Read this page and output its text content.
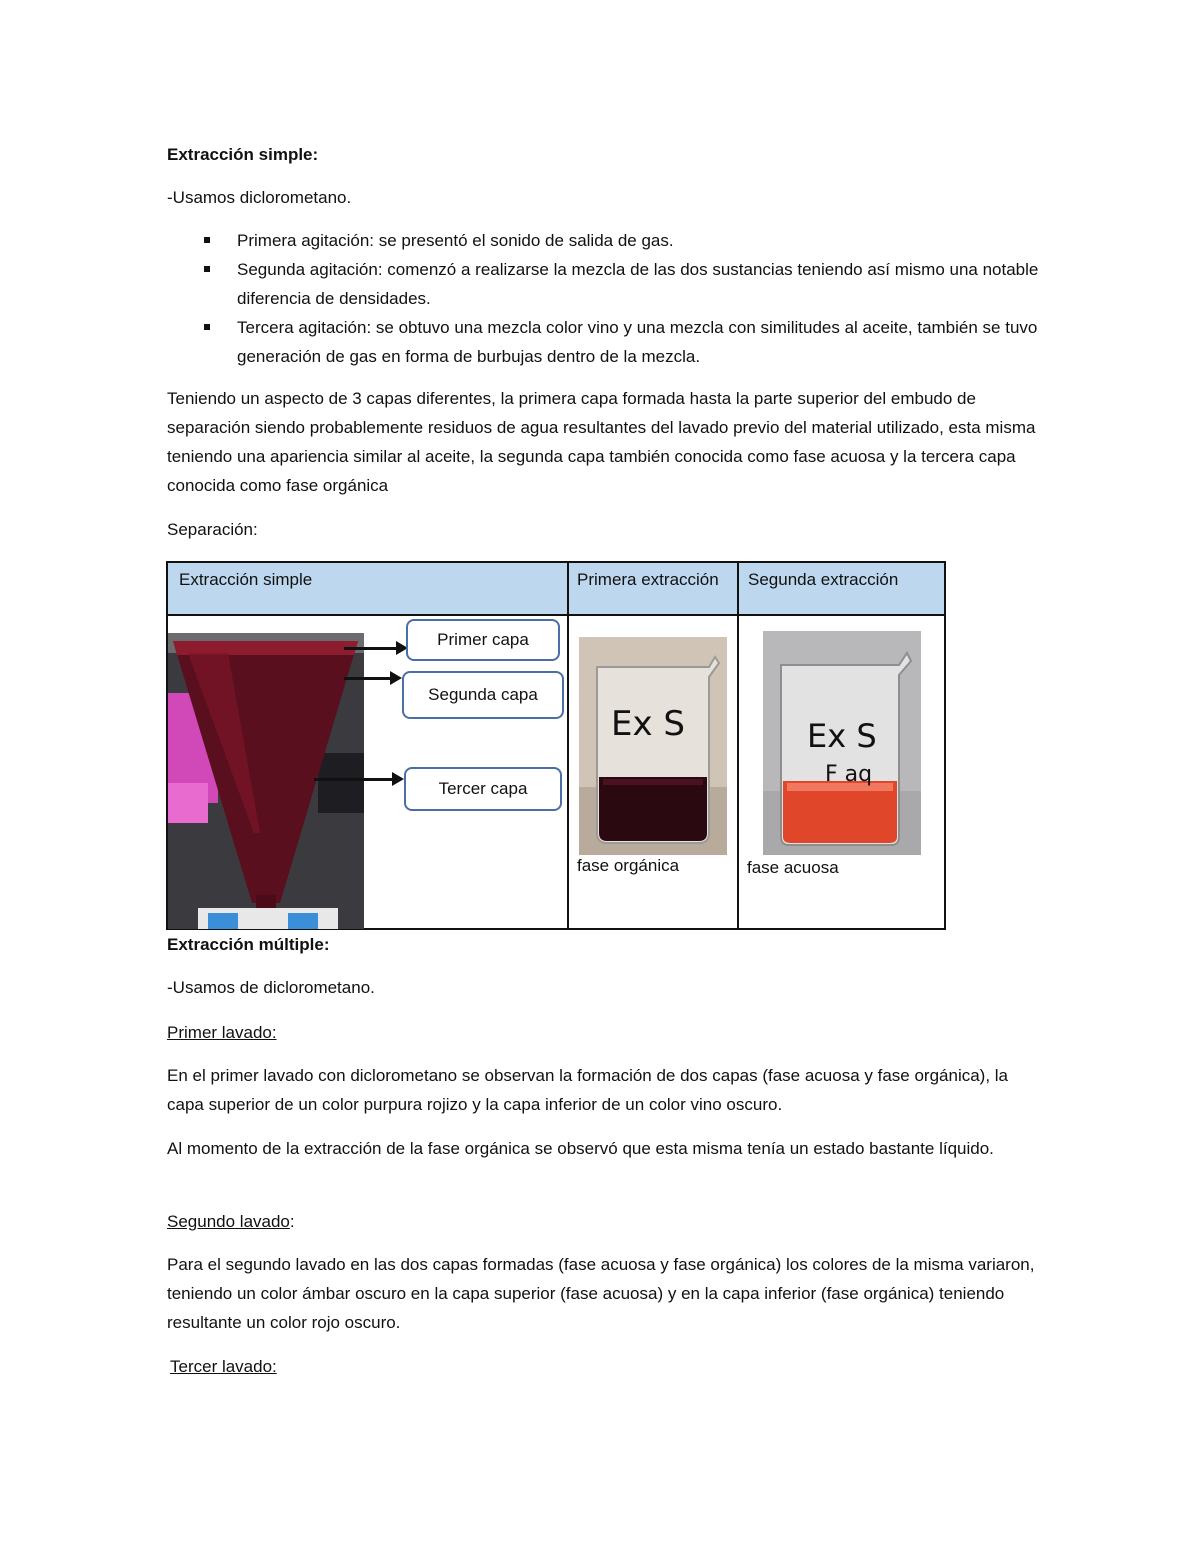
Extracción simple:

-Usamos diclorometano.

Primera agitación: se presentó el sonido de salida de gas.
Segunda agitación: comenzó a realizarse la mezcla de las dos sustancias teniendo así mismo una notable diferencia de densidades.
Tercera agitación: se obtuvo una mezcla color vino y una mezcla con similitudes al aceite, también se tuvo generación de gas en forma de burbujas dentro de la mezcla.

Teniendo un aspecto de 3 capas diferentes, la primera capa formada hasta la parte superior del embudo de separación siendo probablemente residuos de agua resultantes del lavado previo del material utilizado, esta misma teniendo una apariencia similar al aceite, la segunda capa también conocida como fase acuosa y la tercera capa conocida como fase orgánica

Separación:

Extracción simple	Primera extracción	Segunda extracción
Primer capa
Segunda capa
Tercer capa
Ex S
fase orgánica
Ex S
F aq
fase acuosa

Extracción múltiple:

-Usamos de diclorometano.

Primer lavado:

En el primer lavado con diclorometano se observan la formación de dos capas (fase acuosa y fase orgánica), la capa superior de un color purpura rojizo y la capa inferior de un color vino oscuro.

Al momento de la extracción de la fase orgánica se observó que esta misma tenía un estado bastante líquido.

Segundo lavado:

Para el segundo lavado en las dos capas formadas (fase acuosa y fase orgánica) los colores de la misma variaron, teniendo un color ámbar oscuro en la capa superior (fase acuosa) y en la capa inferior (fase orgánica) teniendo resultante un color rojo oscuro.

Tercer lavado:
